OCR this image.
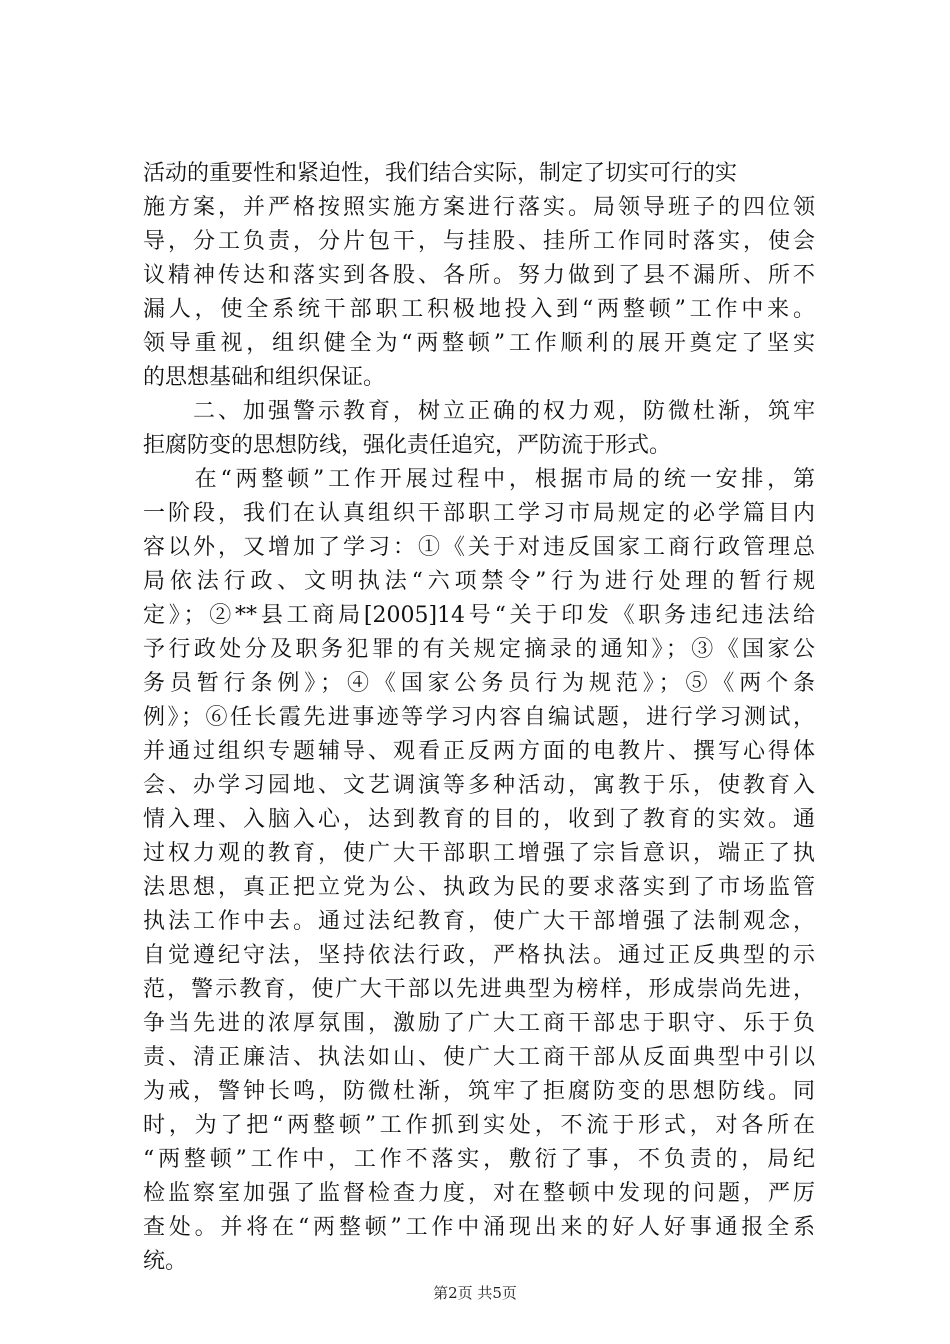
活动的重要性和紧迫性，我们结合实际，制定了切实可行的实
施方案，并严格按照实施方案进行落实。局领导班子的四位领
导，分工负责，分片包干，与挂股、挂所工作同时落实，使会
议精神传达和落实到各股、各所。努力做到了县不漏所、所不
漏人，使全系统干部职工积极地投入到“两整顿”工作中来。
领导重视，组织健全为“两整顿”工作顺利的展开奠定了坚实
的思想基础和组织保证。
　　二、加强警示教育，树立正确的权力观，防微杜渐，筑牢
拒腐防变的思想防线，强化责任追究，严防流于形式。
　　在“两整顿”工作开展过程中，根据市局的统一安排，第
一阶段，我们在认真组织干部职工学习市局规定的必学篇目内
容以外，又增加了学习：①《关于对违反国家工商行政管理总
局依法行政、文明执法“六项禁令”行为进行处理的暂行规
定》；②**县工商局[2005]14号“关于印发《职务违纪违法给
予行政处分及职务犯罪的有关规定摘录的通知》；③《国家公
务员暂行条例》；④《国家公务员行为规范》；⑤《两个条
例》；⑥任长霞先进事迹等学习内容自编试题，进行学习测试，
并通过组织专题辅导、观看正反两方面的电教片、撰写心得体
会、办学习园地、文艺调演等多种活动，寓教于乐，使教育入
情入理、入脑入心，达到教育的目的，收到了教育的实效。通
过权力观的教育，使广大干部职工增强了宗旨意识，端正了执
法思想，真正把立党为公、执政为民的要求落实到了市场监管
执法工作中去。通过法纪教育，使广大干部增强了法制观念，
自觉遵纪守法，坚持依法行政，严格执法。通过正反典型的示
范，警示教育，使广大干部以先进典型为榜样，形成崇尚先进，
争当先进的浓厚氛围，激励了广大工商干部忠于职守、乐于负
责、清正廉洁、执法如山、使广大工商干部从反面典型中引以
为戒，警钟长鸣，防微杜渐，筑牢了拒腐防变的思想防线。同
时，为了把“两整顿”工作抓到实处，不流于形式，对各所在
“两整顿”工作中，工作不落实，敷衍了事，不负责的，局纪
检监察室加强了监督检查力度，对在整顿中发现的问题，严厉
查处。并将在“两整顿”工作中涌现出来的好人好事通报全系
统。
第2页 共5页
